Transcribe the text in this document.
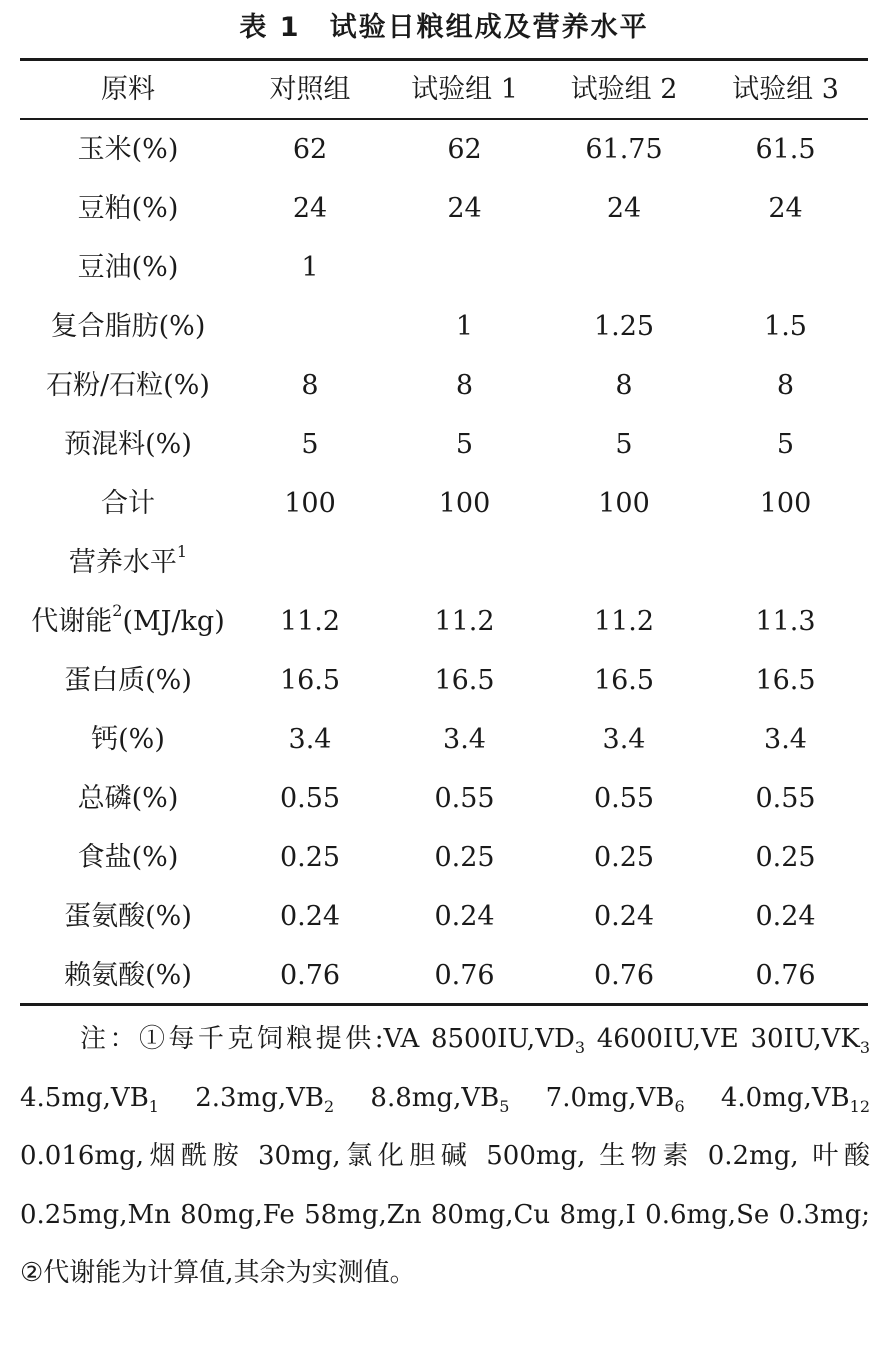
表 1　试验日粮组成及营养水平
原料	对照组	试验组 1	试验组 2	试验组 3
玉米(%)	62	62	61.75	61.5
豆粕(%)	24	24	24	24
豆油(%)	1			
复合脂肪(%)		1	1.25	1.5
石粉/石粒(%)	8	8	8	8
预混料(%)	5	5	5	5
合计	100	100	100	100
营养水平$^1$				
代谢能$^2$(MJ/kg)	11.2	11.2	11.2	11.3
蛋白质(%)	16.5	16.5	16.5	16.5
钙(%)	3.4	3.4	3.4	3.4
总磷(%)	0.55	0.55	0.55	0.55
食盐(%)	0.25	0.25	0.25	0.25
蛋氨酸(%)	0.24	0.24	0.24	0.24
赖氨酸(%)	0.76	0.76	0.76	0.76

注：①每千克饲粮提供:VA $8500IU,VD_3$ 4600IU,VE $30IU,VK_3$ $4.5mg,VB_1$ $2.3mg,VB_2$ $8.8mg,VB_5$ $7.0mg,VB_6$ $4.0mg,VB_{12}$ 0.016mg,烟酰胺 30mg,氯化胆碱 500mg, 生物素 0.2mg, 叶酸 0.25mg,Mn 80mg,Fe 58mg,Zn 80mg,Cu 8mg,I 0.6mg,Se 0.3mg; ②代谢能为计算值,其余为实测值。
